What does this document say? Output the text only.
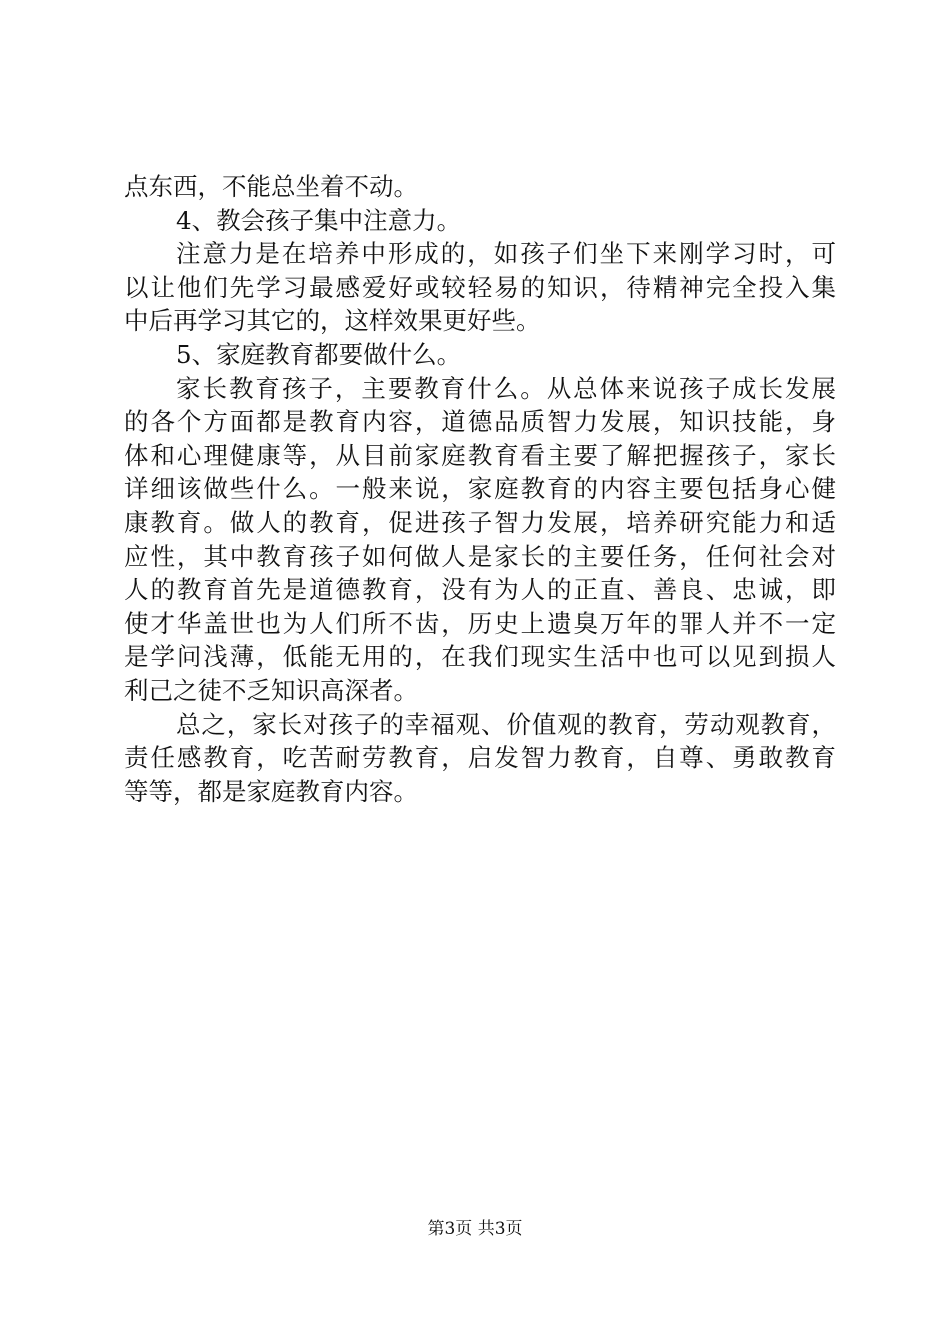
点东西，不能总坐着不动。
4、教会孩子集中注意力。
注意力是在培养中形成的，如孩子们坐下来刚学习时，可
以让他们先学习最感爱好或较轻易的知识，待精神完全投入集
中后再学习其它的，这样效果更好些。
5、家庭教育都要做什么。
家长教育孩子，主要教育什么。从总体来说孩子成长发展
的各个方面都是教育内容，道德品质智力发展，知识技能，身
体和心理健康等，从目前家庭教育看主要了解把握孩子，家长
详细该做些什么。一般来说，家庭教育的内容主要包括身心健
康教育。做人的教育，促进孩子智力发展，培养研究能力和适
应性，其中教育孩子如何做人是家长的主要任务，任何社会对
人的教育首先是道德教育，没有为人的正直、善良、忠诚，即
使才华盖世也为人们所不齿，历史上遗臭万年的罪人并不一定
是学问浅薄，低能无用的，在我们现实生活中也可以见到损人
利己之徒不乏知识高深者。
总之，家长对孩子的幸福观、价值观的教育，劳动观教育，
责任感教育，吃苦耐劳教育，启发智力教育，自尊、勇敢教育
等等，都是家庭教育内容。
第3页 共3页
